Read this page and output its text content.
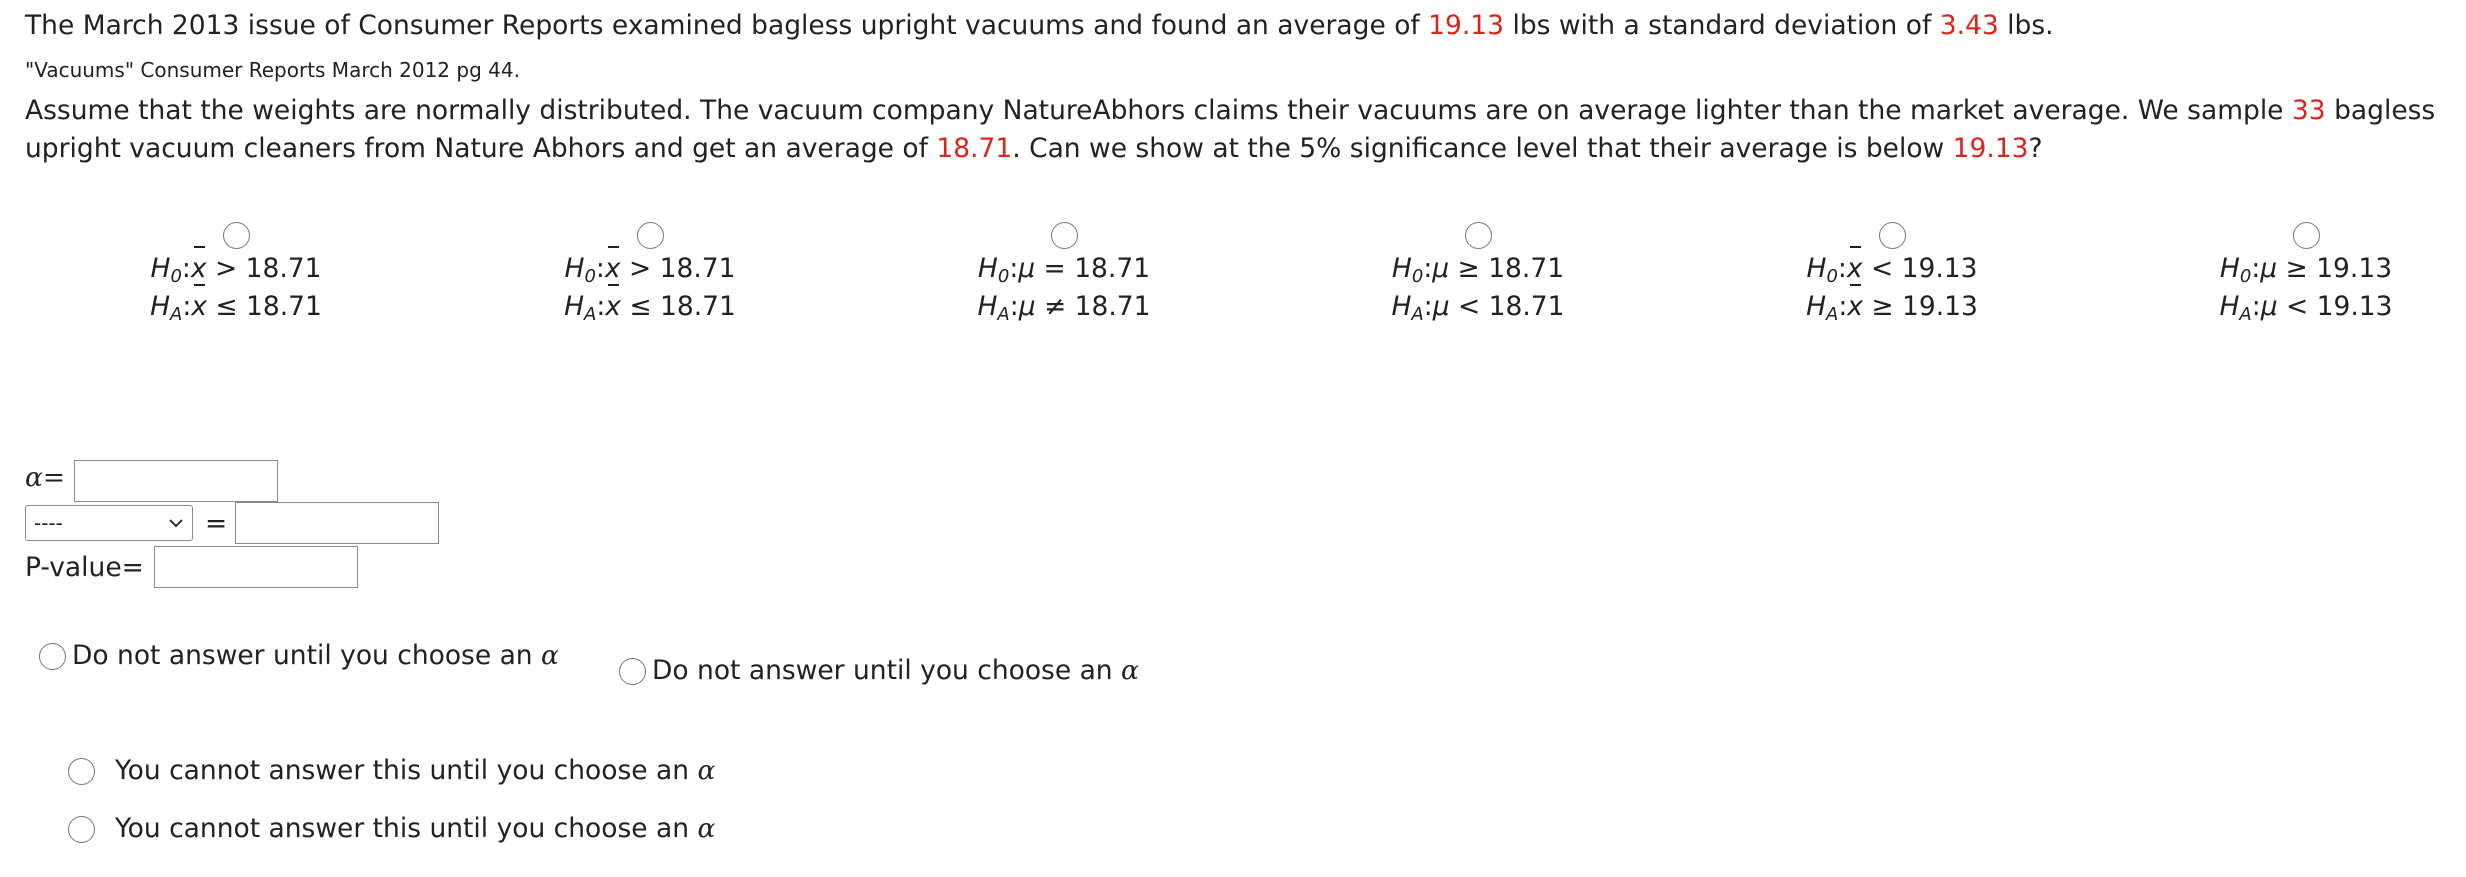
The March 2013 issue of Consumer Reports examined bagless upright vacuums and found an average of 19.13 lbs with a standard deviation of 3.43 lbs.
"Vacuums" Consumer Reports March 2012 pg 44.
Assume that the weights are normally distributed. The vacuum company NatureAbhors claims their vacuums are on average lighter than the market average. We sample 33 bagless
upright vacuum cleaners from Nature Abhors and get an average of 18.71. Can we show at the 5% significance level that their average is below 19.13?
H0:x > 18.71
HA:x ≤ 18.71
H0:x > 18.71
HA:x ≤ 18.71
H0:μ = 18.71
HA:μ ≠ 18.71
H0:μ ≥ 18.71
HA:μ < 18.71
H0:x < 19.13
HA:x ≥ 19.13
H0:μ ≥ 19.13
HA:μ < 19.13
α=
----	=
P-value=
Do not answer until you choose an α	Do not answer until you choose an α
You cannot answer this until you choose an α
You cannot answer this until you choose an α
